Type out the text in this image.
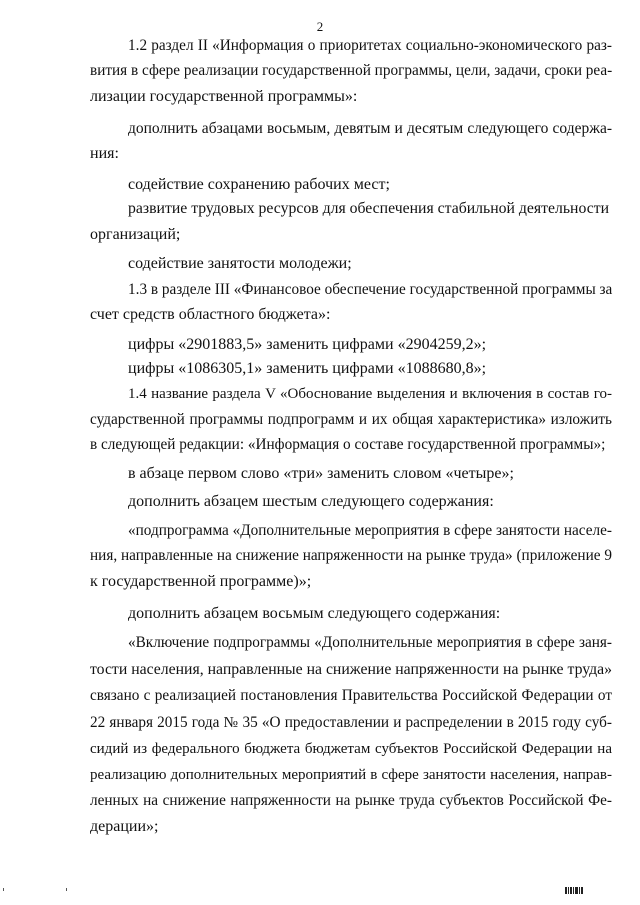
2
1.2 раздел II «Информация о приоритетах социально-экономического раз-
вития в сфере реализации государственной программы, цели, задачи, сроки реа-
лизации государственной программы»:
дополнить абзацами восьмым, девятым и десятым следующего содержа-
ния:
содействие сохранению рабочих мест;
развитие трудовых ресурсов для обеспечения стабильной деятельности
организаций;
содействие занятости молодежи;
1.3 в разделе III «Финансовое обеспечение государственной программы за
счет средств областного бюджета»:
цифры «2901883,5» заменить цифрами «2904259,2»;
цифры «1086305,1» заменить цифрами «1088680,8»;
1.4 название раздела V «Обоснование выделения и включения в состав го-
сударственной программы подпрограмм и их общая характеристика» изложить
в следующей редакции: «Информация о составе государственной программы»;
в абзаце первом слово «три» заменить словом «четыре»;
дополнить абзацем шестым следующего содержания:
«подпрограмма «Дополнительные мероприятия в сфере занятости населе-
ния, направленные на снижение напряженности на рынке труда» (приложение 9
к государственной программе)»;
дополнить абзацем восьмым следующего содержания:
«Включение подпрограммы «Дополнительные мероприятия в сфере заня-
тости населения, направленные на снижение напряженности на рынке труда»
связано с реализацией постановления Правительства Российской Федерации от
22 января 2015 года № 35 «О предоставлении и распределении в 2015 году суб-
сидий из федерального бюджета бюджетам субъектов Российской Федерации на
реализацию дополнительных мероприятий в сфере занятости населения, направ-
ленных на снижение напряженности на рынке труда субъектов Российской Фе-
дерации»;
